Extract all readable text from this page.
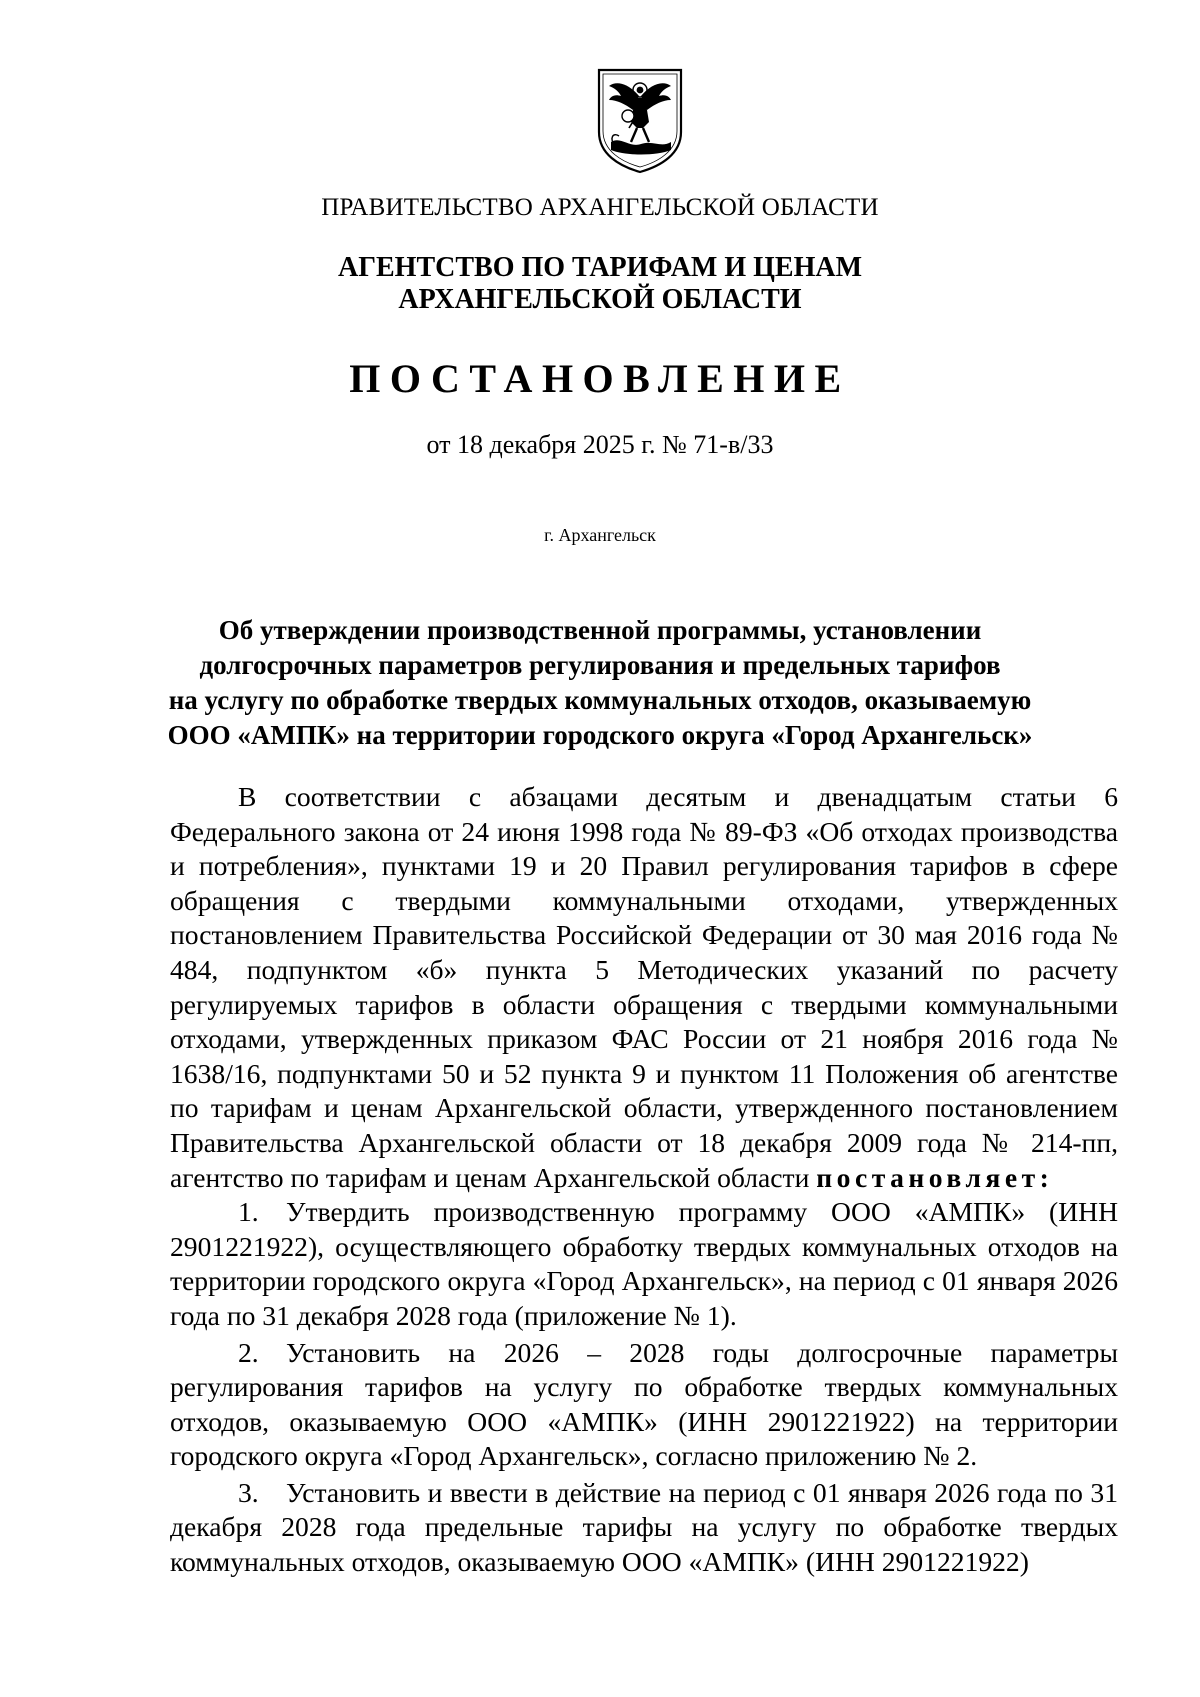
ПРАВИТЕЛЬСТВО АРХАНГЕЛЬСКОЙ ОБЛАСТИ
АГЕНТСТВО ПО ТАРИФАМ И ЦЕНАМ
АРХАНГЕЛЬСКОЙ ОБЛАСТИ
ПОСТАНОВЛЕНИЕ
от 18 декабря 2025 г. № 71-в/33
г. Архангельск
Об утверждении производственной программы, установлении
долгосрочных параметров регулирования и предельных тарифов
на услугу по обработке твердых коммунальных отходов, оказываемую
ООО «АМПК» на территории городского округа «Город Архангельск»

В соответствии с абзацами десятым и двенадцатым статьи 6 Федерального закона от 24 июня 1998 года № 89-ФЗ «Об отходах производства и потребления», пунктами 19 и 20 Правил регулирования тарифов в сфере обращения с твердыми коммунальными отходами, утвержденных постановлением Правительства Российской Федерации от 30 мая 2016 года № 484, подпунктом «б» пункта 5 Методических указаний по расчету регулируемых тарифов в области обращения с твердыми коммунальными отходами, утвержденных приказом ФАС России от 21 ноября 2016 года № 1638/16, подпунктами 50 и 52 пункта 9 и пунктом 11 Положения об агентстве по тарифам и ценам Архангельской области, утвержденного постановлением Правительства Архангельской области от 18 декабря 2009 года № 214-пп, агентство по тарифам и ценам Архангельской области постановляет:

1. Утвердить производственную программу ООО «АМПК» (ИНН 2901221922), осуществляющего обработку твердых коммунальных отходов на территории городского округа «Город Архангельск», на период с 01 января 2026 года по 31 декабря 2028 года (приложение № 1).

2. Установить на 2026 – 2028 годы долгосрочные параметры регулирования тарифов на услугу по обработке твердых коммунальных отходов, оказываемую ООО «АМПК» (ИНН 2901221922) на территории городского округа «Город Архангельск», согласно приложению № 2.

3. Установить и ввести в действие на период с 01 января 2026 года по 31 декабря 2028 года предельные тарифы на услугу по обработке твердых коммунальных отходов, оказываемую ООО «АМПК» (ИНН 2901221922)
